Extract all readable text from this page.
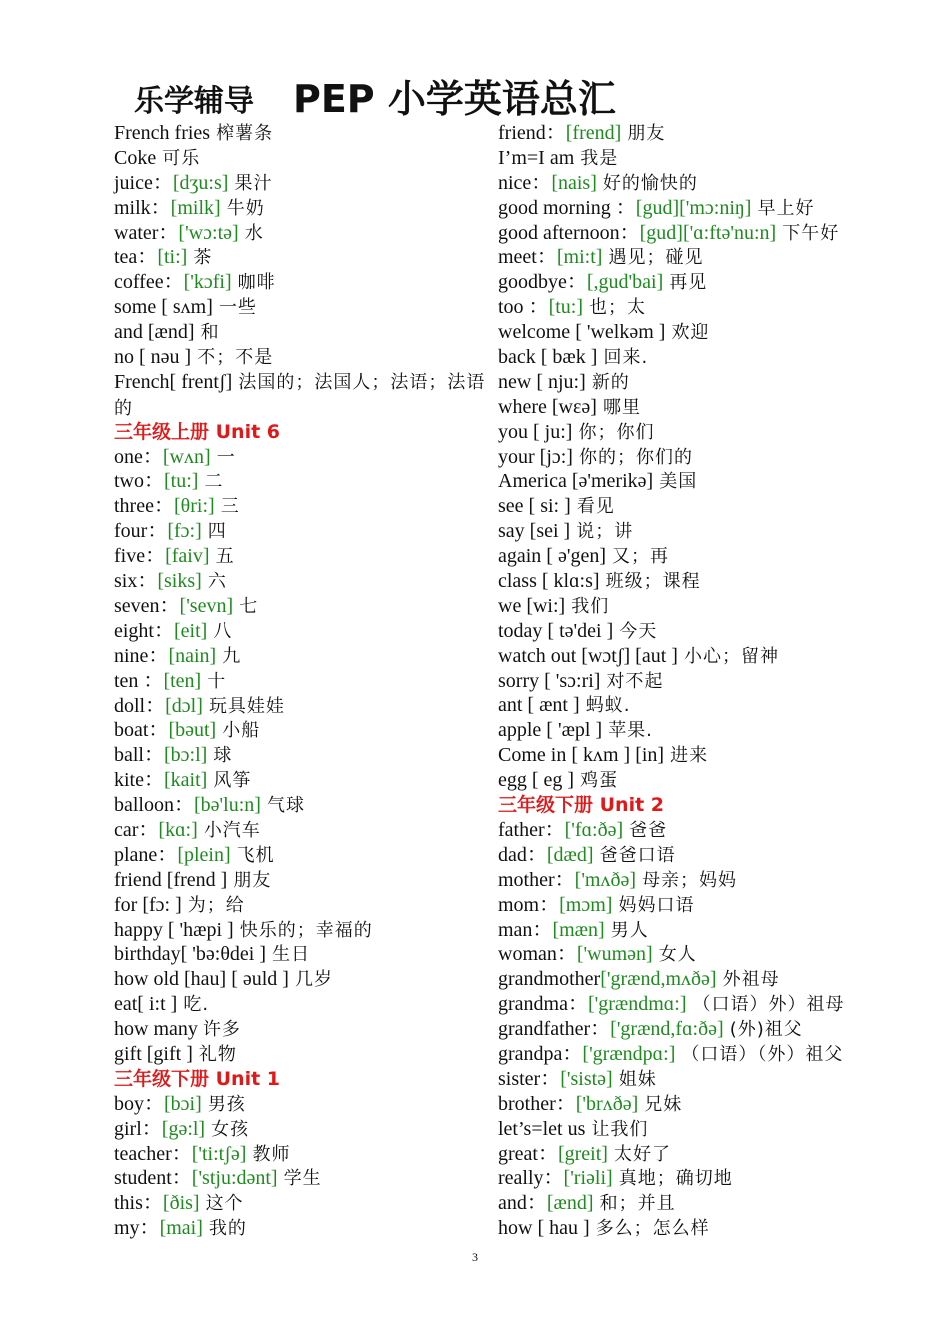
乐学辅导 PEP 小学英语总汇
French fries 榨薯条
Coke 可乐
juice：[dʒu:s] 果汁
milk：[milk] 牛奶
water：['wɔ:tə] 水
tea：[ti:] 茶
coffee：['kɔfi] 咖啡
some [ sʌm] 一些
and [ænd] 和
no [ nəu ] 不；不是
French[ frentʃ] 法国的；法国人；法语；法语的
三年级上册 Unit 6
one：[wʌn] 一
two：[tu:] 二
three：[θri:] 三
four：[fɔ:] 四
five：[faiv] 五
six：[siks] 六
seven：['sevn] 七
eight：[eit] 八
nine：[nain] 九
ten ：[ten] 十
doll：[dɔl] 玩具娃娃
boat：[bəut] 小船
ball：[bɔ:l] 球
kite：[kait] 风筝
balloon：[bə'lu:n] 气球
car：[kɑ:] 小汽车
plane：[plein] 飞机
friend [frend ] 朋友
for [fɔ: ] 为；给
happy [ 'hæpi ] 快乐的；幸福的
birthday[ 'bə:θdei ] 生日
how old [hau] [ əuld ] 几岁
eat[ i:t ] 吃.
how many 许多
gift [gift ] 礼物
三年级下册 Unit 1
boy：[bɔi] 男孩
girl：[gə:l] 女孩
teacher：['ti:tʃə] 教师
student：['stju:dənt] 学生
this：[ðis] 这个
my：[mai] 我的
friend：[frend] 朋友
I’m=I am 我是
nice：[nais] 好的愉快的
good morning ：[gud]['mɔ:niŋ] 早上好
good afternoon：[gud]['ɑ:ftə'nu:n] 下午好
meet：[mi:t] 遇见；碰见
goodbye：[,gud'bai] 再见
too ：[tu:] 也；太
welcome [ 'welkəm ] 欢迎
back [ bæk ] 回来.
new [ nju:] 新的
where [wɛə] 哪里
you [ ju:] 你；你们
your [jɔ:] 你的；你们的
America [ə'merikə] 美国
see [ si: ] 看见
say [sei ] 说；讲
again [ ə'gen] 又；再
class [ klɑ:s] 班级；课程
we [wi:] 我们
today [ tə'dei ] 今天
watch out [wɔtʃ] [aut ] 小心；留神
sorry [ 'sɔ:ri] 对不起
ant [ ænt ] 蚂蚁.
apple [ 'æpl ] 苹果.
Come in [ kʌm ] [in] 进来
egg [ eg ] 鸡蛋
三年级下册 Unit 2
father：['fɑ:ðə] 爸爸
dad：[dæd] 爸爸口语
mother：['mʌðə] 母亲；妈妈
mom：[mɔm] 妈妈口语
man：[mæn] 男人
woman：['wumən] 女人
grandmother['grænd,mʌðə] 外祖母
grandma：['grændmɑ:] （口语）外）祖母
grandfather：['grænd,fɑ:ðə] (外)祖父
grandpa：['grændpɑ:] （口语）（外）祖父
sister：['sistə] 姐妹
brother：['brʌðə] 兄妹
let’s=let us 让我们
great：[greit] 太好了
really：['riəli] 真地；确切地
and：[ænd] 和；并且
how [ hau ] 多么；怎么样
3
